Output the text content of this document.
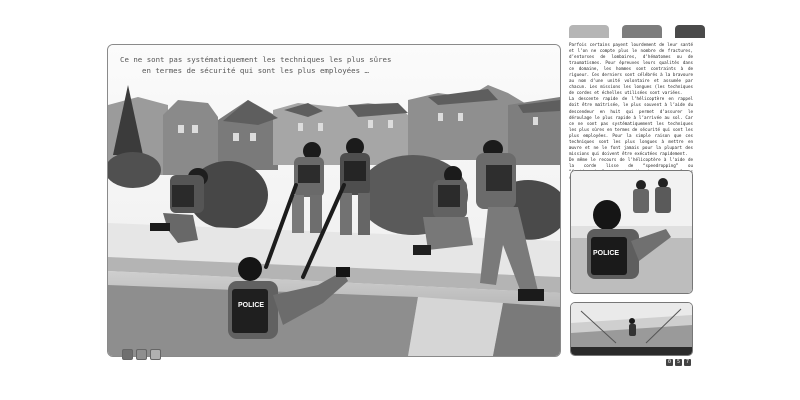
POLICE
Ce ne sont pas systématiquement les techniques les plus sûres
en termes de sécurité qui sont les plus employées …

Parfois certains payent lourdement de leur santé et l’on ne compte plus le nombre de fractures, d’entorses de lombaires, d’hématomes ou de traumatismes. Pour épreuves leurs qualités dans ce domaine, les hommes sont contraints à de rigueur. Ces derniers sont célébrés à la bravoure au nom d’une unité volontaire et assumée par chacun. Les missions les longues (les techniques de cordes et échelles utilisées sont variées.

La descente rapide de l’hélicoptère en rappel doit être maîtrisée, le plus souvent à l’aide du descendeur en huit qui permet d’assurer le déroulage le plus rapide à l’arrivée au sol. Car ce ne sont pas systématiquement les techniques les plus sûres en termes de sécurité qui sont les plus employées. Pour la simple raison que ces techniques sont les plus longues à mettre en œuvre et ne le font jamais pour la plupart des missions qui doivent être exécutées rapidement.

De même le recours de l’hélicoptère à l’aide de la corde lisse de “speedropping” ou

POLICE
0	5	7
